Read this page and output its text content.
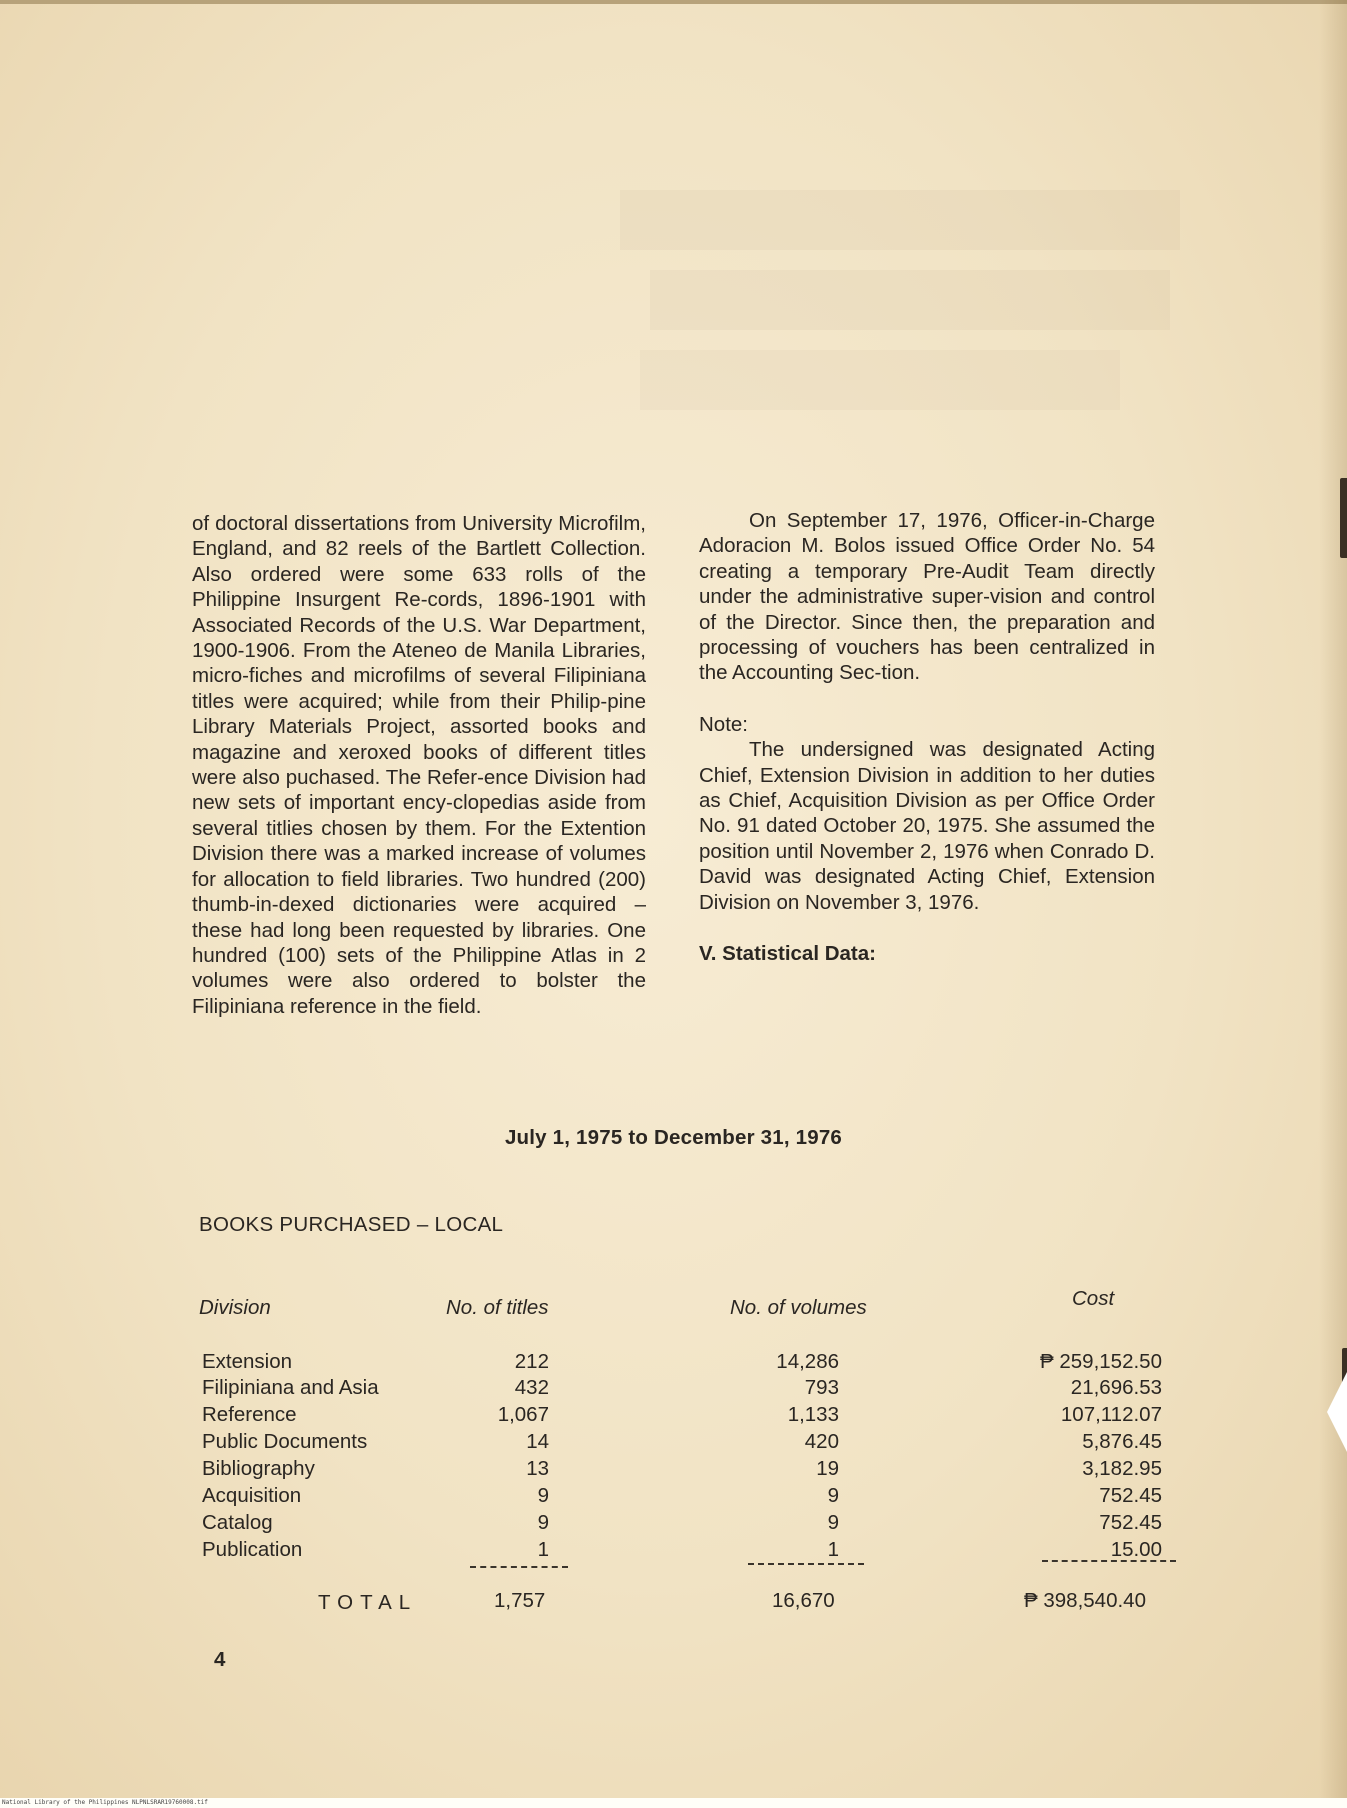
of doctoral dissertations from University Microfilm, England, and 82 reels of the Bartlett Collection. Also ordered were some 633 rolls of the Philippine Insurgent Re-cords, 1896-1901 with Associated Records of the U.S. War Department, 1900-1906. From the Ateneo de Manila Libraries, micro-fiches and microfilms of several Filipiniana titles were acquired; while from their Philip-pine Library Materials Project, assorted books and magazine and xeroxed books of different titles were also puchased. The Refer-ence Division had new sets of important ency-clopedias aside from several titlies chosen by them. For the Extention Division there was a marked increase of volumes for allocation to field libraries. Two hundred (200) thumb-in-dexed dictionaries were acquired – these had long been requested by libraries. One hundred (100) sets of the Philippine Atlas in 2 volumes were also ordered to bolster the Filipiniana reference in the field.

On September 17, 1976, Officer-in-Charge Adoracion M. Bolos issued Office Order No. 54 creating a temporary Pre-Audit Team directly under the administrative super-vision and control of the Director. Since then, the preparation and processing of vouchers has been centralized in the Accounting Sec-tion.

Note:

The undersigned was designated Acting Chief, Extension Division in addition to her duties as Chief, Acquisition Division as per Office Order No. 91 dated October 20, 1975. She assumed the position until November 2, 1976 when Conrado D. David was designated Acting Chief, Extension Division on November 3, 1976.

V. Statistical Data:

July 1, 1975 to December 31, 1976
BOOKS PURCHASED – LOCAL
Division	No. of titles	No. of volumes	Cost
Extension	212	14,286	₱ 259,152.50
Filipiniana and Asia	432	793	21,696.53
Reference	1,067	1,133	107,112.07
Public Documents	14	420	5,876.45
Bibliography	13	19	3,182.95
Acquisition	9	9	752.45
Catalog	9	9	752.45
Publication	1	1	15.00
TOTAL	1,757	16,670	₱ 398,540.40
4
National Library of the Philippines NLPNLSRAR19760008.tif
